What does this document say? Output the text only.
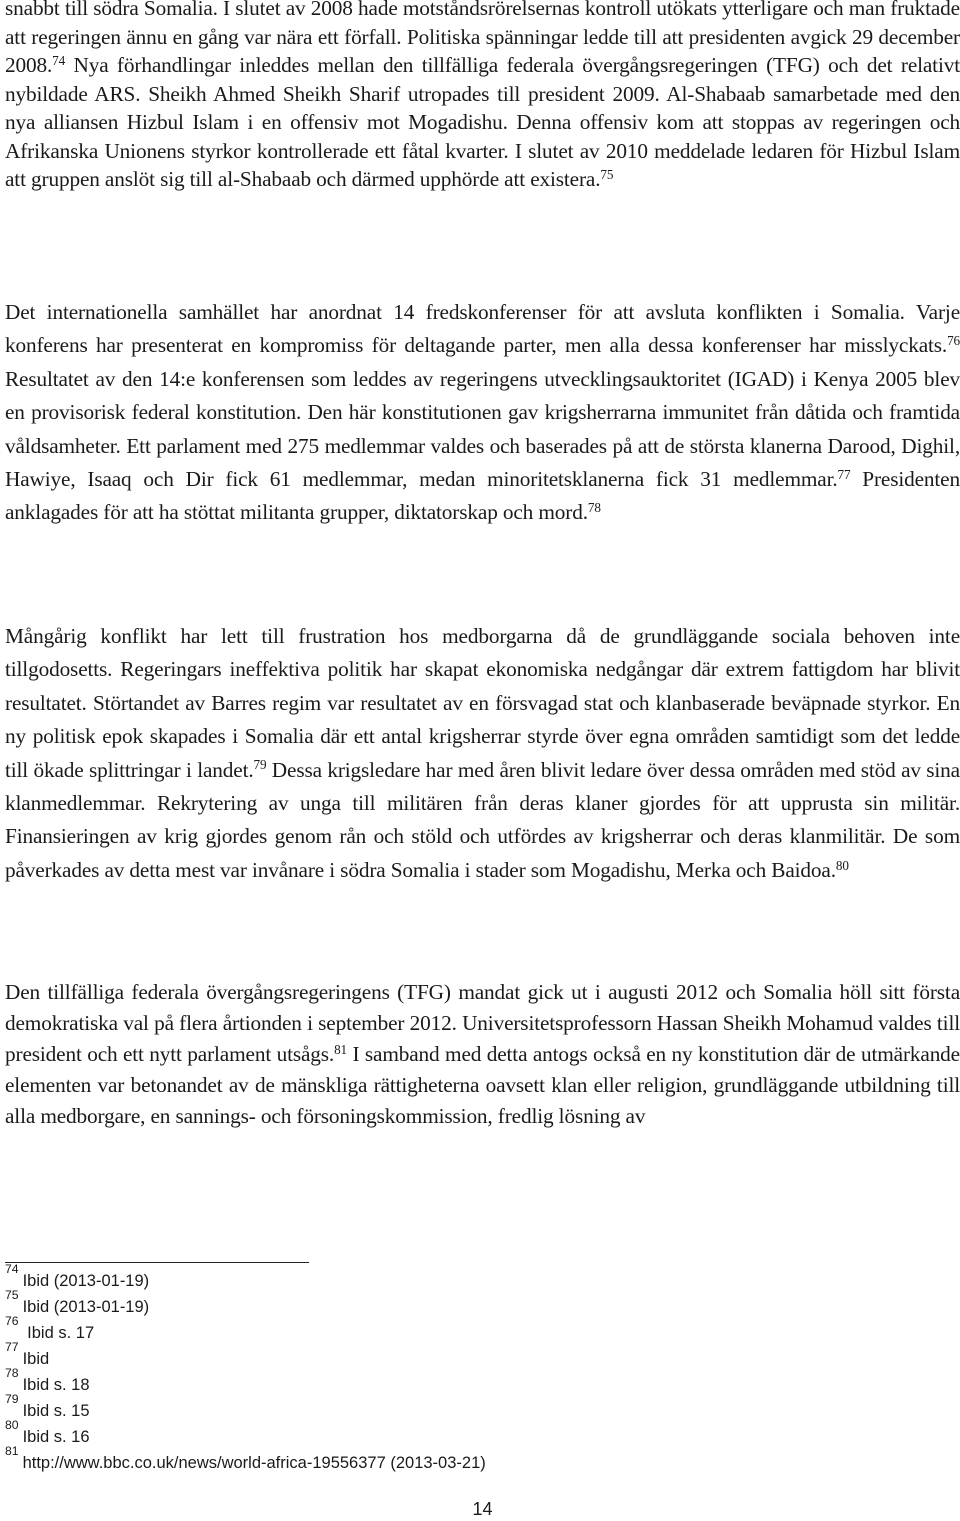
snabbt till södra Somalia. I slutet av 2008 hade motståndsrörelsernas kontroll utökats ytterligare och man fruktade att regeringen ännu en gång var nära ett förfall. Politiska spänningar ledde till att presidenten avgick 29 december 2008.74 Nya förhandlingar inleddes mellan den tillfälliga federala övergångsregeringen (TFG) och det relativt nybildade ARS. Sheikh Ahmed Sheikh Sharif utropades till president 2009. Al-Shabaab samarbetade med den nya alliansen Hizbul Islam i en offensiv mot Mogadishu. Denna offensiv kom att stoppas av regeringen och Afrikanska Unionens styrkor kontrollerade ett fåtal kvarter. I slutet av 2010 meddelade ledaren för Hizbul Islam att gruppen anslöt sig till al-Shabaab och därmed upphörde att existera.$^{75}$

Det internationella samhället har anordnat 14 fredskonferenser för att avsluta konflikten i Somalia. Varje konferens har presenterat en kompromiss för deltagande parter, men alla dessa konferenser har misslyckats.$^{76}$ Resultatet av den 14:e konferensen som leddes av regeringens utvecklingsauktoritet (IGAD) i Kenya 2005 blev en provisorisk federal konstitution. Den här konstitutionen gav krigsherrarna immunitet från dåtida och framtida våldsamheter. Ett parlament med 275 medlemmar valdes och baserades på att de största klanerna Darood, Dighil, Hawiye, Isaaq och Dir fick 61 medlemmar, medan minoritetsklanerna fick 31 medlemmar.$^{77}$ Presidenten anklagades för att ha stöttat militanta grupper, diktatorskap och mord.$^{78}$

Mångårig konflikt har lett till frustration hos medborgarna då de grundläggande sociala behoven inte tillgodosetts. Regeringars ineffektiva politik har skapat ekonomiska nedgångar där extrem fattigdom har blivit resultatet. Störtandet av Barres regim var resultatet av en försvagad stat och klanbaserade beväpnade styrkor. En ny politisk epok skapades i Somalia där ett antal krigsherrar styrde över egna områden samtidigt som det ledde till ökade splittringar i landet.$^{79}$ Dessa krigsledare har med åren blivit ledare över dessa områden med stöd av sina klanmedlemmar. Rekrytering av unga till militären från deras klaner gjordes för att upprusta sin militär. Finansieringen av krig gjordes genom rån och stöld och utfördes av krigsherrar och deras klanmilitär. De som påverkades av detta mest var invånare i södra Somalia i stader som Mogadishu, Merka och Baidoa.$^{80}$

Den tillfälliga federala övergångsregeringens (TFG) mandat gick ut i augusti 2012 och Somalia höll sitt första demokratiska val på flera årtionden i september 2012. Universitetsprofessorn Hassan Sheikh Mohamud valdes till president och ett nytt parlament utsågs.$^{81}$ I samband med detta antogs också en ny konstitution där de utmärkande elementen var betonandet av de mänskliga rättigheterna oavsett klan eller religion, grundläggande utbildning till alla medborgare, en sannings- och försoningskommission, fredlig lösning av

$^{74}$Ibid (2013-01-19)
$^{75}$Ibid (2013-01-19)
$^{76}$ Ibid s. 17
$^{77}$Ibid
$^{78}$Ibid s. 18
$^{79}$Ibid s. 15
$^{80}$Ibid s. 16
$^{81}$http://www.bbc.co.uk/news/world-africa-19556377 (2013-03-21)
14
